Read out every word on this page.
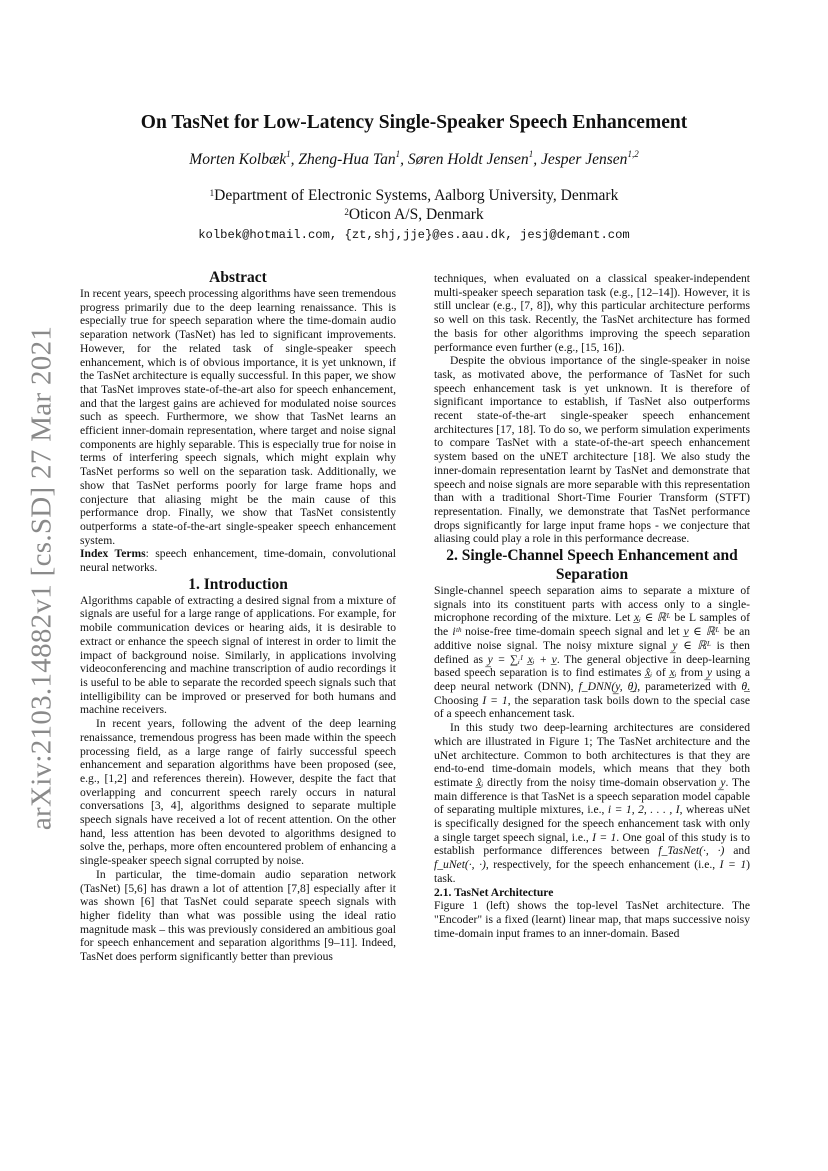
arXiv:2103.14882v1 [cs.SD] 27 Mar 2021
On TasNet for Low-Latency Single-Speaker Speech Enhancement
Morten Kolbæk$^1$, Zheng-Hua Tan$^1$, Søren Holdt Jensen$^1$, Jesper Jensen$^{1,2}$
$^1$Department of Electronic Systems, Aalborg University, Denmark
$^2$Oticon A/S, Denmark
kolbek@hotmail.com, {zt,shj,jje}@es.aau.dk, jesj@demant.com
Abstract

In recent years, speech processing algorithms have seen tremendous progress primarily due to the deep learning renaissance. This is especially true for speech separation where the time-domain audio separation network (TasNet) has led to significant improvements. However, for the related task of single-speaker speech enhancement, which is of obvious importance, it is yet unknown, if the TasNet architecture is equally successful. In this paper, we show that TasNet improves state-of-the-art also for speech enhancement, and that the largest gains are achieved for modulated noise sources such as speech. Furthermore, we show that TasNet learns an efficient inner-domain representation, where target and noise signal components are highly separable. This is especially true for noise in terms of interfering speech signals, which might explain why TasNet performs so well on the separation task. Additionally, we show that TasNet performs poorly for large frame hops and conjecture that aliasing might be the main cause of this performance drop. Finally, we show that TasNet consistently outperforms a state-of-the-art single-speaker speech enhancement system.

Index Terms: speech enhancement, time-domain, convolutional neural networks.

1. Introduction

Algorithms capable of extracting a desired signal from a mixture of signals are useful for a large range of applications. For example, for mobile communication devices or hearing aids, it is desirable to extract or enhance the speech signal of interest in order to limit the impact of background noise. Similarly, in applications involving videoconferencing and machine transcription of audio recordings it is useful to be able to separate the recorded speech signals such that intelligibility can be improved or preserved for both humans and machine receivers.

In recent years, following the advent of the deep learning renaissance, tremendous progress has been made within the speech processing field, as a large range of fairly successful speech enhancement and separation algorithms have been proposed (see, e.g., [1,2] and references therein). However, despite the fact that overlapping and concurrent speech rarely occurs in natural conversations [3, 4], algorithms designed to separate multiple speech signals have received a lot of recent attention. On the other hand, less attention has been devoted to algorithms designed to solve the, perhaps, more often encountered problem of enhancing a single-speaker speech signal corrupted by noise.

In particular, the time-domain audio separation network (TasNet) [5,6] has drawn a lot of attention [7,8] especially after it was shown [6] that TasNet could separate speech signals with higher fidelity than what was possible using the ideal ratio magnitude mask – this was previously considered an ambitious goal for speech enhancement and separation algorithms [9–11]. Indeed, TasNet does perform significantly better than previous

techniques, when evaluated on a classical speaker-independent multi-speaker speech separation task (e.g., [12–14]). However, it is still unclear (e.g., [7, 8]), why this particular architecture performs so well on this task. Recently, the TasNet architecture has formed the basis for other algorithms improving the speech separation performance even further (e.g., [15, 16]).

Despite the obvious importance of the single-speaker in noise task, as motivated above, the performance of TasNet for such speech enhancement task is yet unknown. It is therefore of significant importance to establish, if TasNet also outperforms recent state-of-the-art single-speaker speech enhancement architectures [17, 18]. To do so, we perform simulation experiments to compare TasNet with a state-of-the-art speech enhancement system based on the uNET architecture [18]. We also study the inner-domain representation learnt by TasNet and demonstrate that speech and noise signals are more separable with this representation than with a traditional Short-Time Fourier Transform (STFT) representation. Finally, we demonstrate that TasNet performance drops significantly for large input frame hops - we conjecture that aliasing could play a role in this performance decrease.

2. Single-Channel Speech Enhancement and Separation

Single-channel speech separation aims to separate a mixture of signals into its constituent parts with access only to a single-microphone recording of the mixture. Let x̲ᵢ ∈ ℝᴸ be L samples of the iᵗʰ noise-free time-domain speech signal and let v̲ ∈ ℝᴸ be an additive noise signal. The noisy mixture signal y̲ ∈ ℝᴸ is then defined as y̲ = ∑ᵢᴵ x̲ᵢ + v̲. The general objective in deep-learning based speech separation is to find estimates x̲̂ᵢ of x̲ᵢ from y̲ using a deep neural network (DNN), f_DNN(y̲, θ̲), parameterized with θ̲. Choosing I = 1, the separation task boils down to the special case of a speech enhancement task.

In this study two deep-learning architectures are considered which are illustrated in Figure 1; The TasNet architecture and the uNet architecture. Common to both architectures is that they are end-to-end time-domain models, which means that they both estimate x̲̂ᵢ directly from the noisy time-domain observation y̲. The main difference is that TasNet is a speech separation model capable of separating multiple mixtures, i.e., i = 1, 2, . . . , I, whereas uNet is specifically designed for the speech enhancement task with only a single target speech signal, i.e., I = 1. One goal of this study is to establish performance differences between f_TasNet(·, ·) and f_uNet(·, ·), respectively, for the speech enhancement (i.e., I = 1) task.

2.1. TasNet Architecture

Figure 1 (left) shows the top-level TasNet architecture. The "Encoder" is a fixed (learnt) linear map, that maps successive noisy time-domain input frames to an inner-domain. Based
